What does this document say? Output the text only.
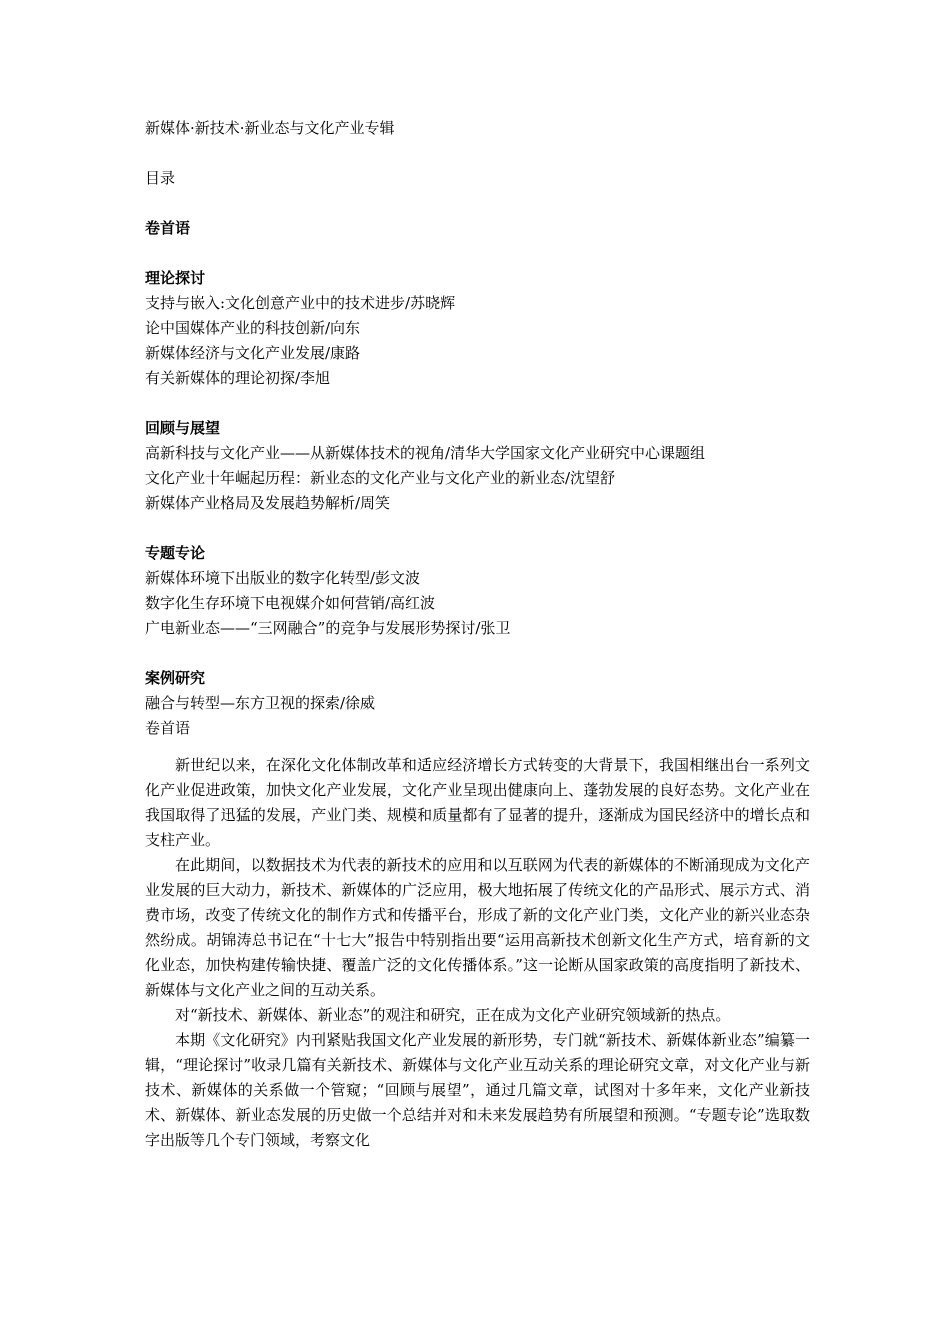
新媒体·新技术·新业态与文化产业专辑

目录

卷首语

理论探讨

支持与嵌入:文化创意产业中的技术进步/苏晓辉

论中国媒体产业的科技创新/向东

新媒体经济与文化产业发展/康路

有关新媒体的理论初探/李旭

回顾与展望

高新科技与文化产业——从新媒体技术的视角/清华大学国家文化产业研究中心课题组

文化产业十年崛起历程：新业态的文化产业与文化产业的新业态/沈望舒

新媒体产业格局及发展趋势解析/周笑

专题专论

新媒体环境下出版业的数字化转型/彭文波

数字化生存环境下电视媒介如何营销/高红波

广电新业态——“三网融合”的竞争与发展形势探讨/张卫

案例研究

融合与转型—东方卫视的探索/徐威

卷首语

新世纪以来，在深化文化体制改革和适应经济增长方式转变的大背景下，我国相继出台一系列文化产业促进政策，加快文化产业发展，文化产业呈现出健康向上、蓬勃发展的良好态势。文化产业在我国取得了迅猛的发展，产业门类、规模和质量都有了显著的提升，逐渐成为国民经济中的增长点和支柱产业。

在此期间，以数据技术为代表的新技术的应用和以互联网为代表的新媒体的不断涌现成为文化产业发展的巨大动力，新技术、新媒体的广泛应用，极大地拓展了传统文化的产品形式、展示方式、消费市场，改变了传统文化的制作方式和传播平台，形成了新的文化产业门类，文化产业的新兴业态杂然纷成。胡锦涛总书记在“十七大”报告中特别指出要“运用高新技术创新文化生产方式，培育新的文化业态，加快构建传输快捷、覆盖广泛的文化传播体系。”这一论断从国家政策的高度指明了新技术、新媒体与文化产业之间的互动关系。

对“新技术、新媒体、新业态”的观注和研究，正在成为文化产业研究领域新的热点。

本期《文化研究》内刊紧贴我国文化产业发展的新形势，专门就“新技术、新媒体新业态”编纂一辑，“理论探讨”收录几篇有关新技术、新媒体与文化产业互动关系的理论研究文章，对文化产业与新技术、新媒体的关系做一个管窥；“回顾与展望”，通过几篇文章，试图对十多年来，文化产业新技术、新媒体、新业态发展的历史做一个总结并对和未来发展趋势有所展望和预测。“专题专论”选取数字出版等几个专门领域，考察文化
